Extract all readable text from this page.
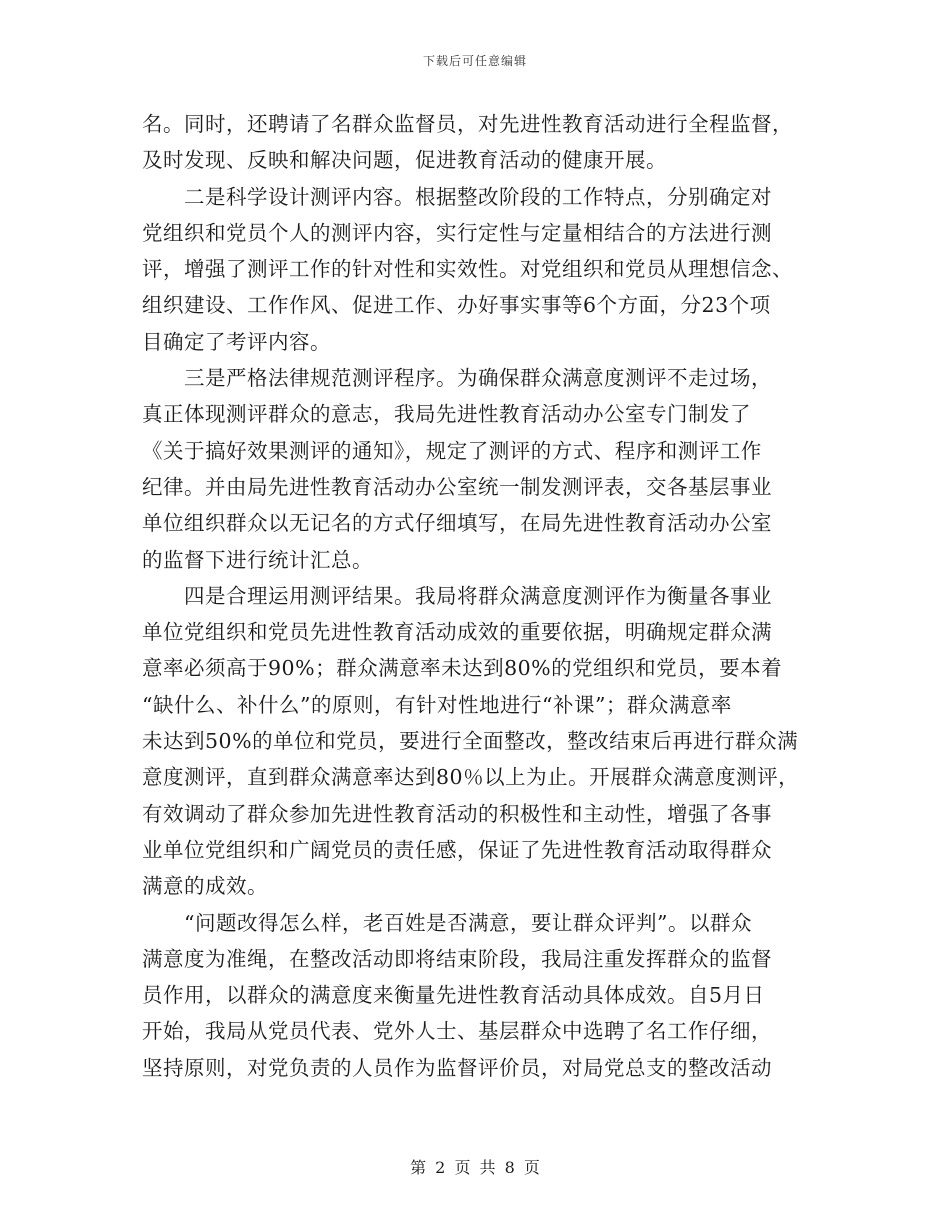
下载后可任意编辑
名。同时，还聘请了名群众监督员，对先进性教育活动进行全程监督，
及时发现、反映和解决问题，促进教育活动的健康开展。
　　二是科学设计测评内容。根据整改阶段的工作特点，分别确定对
党组织和党员个人的测评内容，实行定性与定量相结合的方法进行测
评，增强了测评工作的针对性和实效性。对党组织和党员从理想信念、
组织建设、工作作风、促进工作、办好事实事等6个方面，分23个项
目确定了考评内容。
　　三是严格法律规范测评程序。为确保群众满意度测评不走过场，
真正体现测评群众的意志，我局先进性教育活动办公室专门制发了
《关于搞好效果测评的通知》，规定了测评的方式、程序和测评工作
纪律。并由局先进性教育活动办公室统一制发测评表，交各基层事业
单位组织群众以无记名的方式仔细填写，在局先进性教育活动办公室
的监督下进行统计汇总。
　　四是合理运用测评结果。我局将群众满意度测评作为衡量各事业
单位党组织和党员先进性教育活动成效的重要依据，明确规定群众满
意率必须高于90%；群众满意率未达到80%的党组织和党员，要本着
“缺什么、补什么”的原则，有针对性地进行“补课”；群众满意率
未达到50%的单位和党员，要进行全面整改，整改结束后再进行群众满
意度测评，直到群众满意率达到80％以上为止。开展群众满意度测评，
有效调动了群众参加先进性教育活动的积极性和主动性，增强了各事
业单位党组织和广阔党员的责任感，保证了先进性教育活动取得群众
满意的成效。
　　“问题改得怎么样，老百姓是否满意，要让群众评判”。以群众
满意度为准绳，在整改活动即将结束阶段，我局注重发挥群众的监督
员作用，以群众的满意度来衡量先进性教育活动具体成效。自5月日
开始，我局从党员代表、党外人士、基层群众中选聘了名工作仔细，
坚持原则，对党负责的人员作为监督评价员，对局党总支的整改活动
第 2 页 共 8 页
